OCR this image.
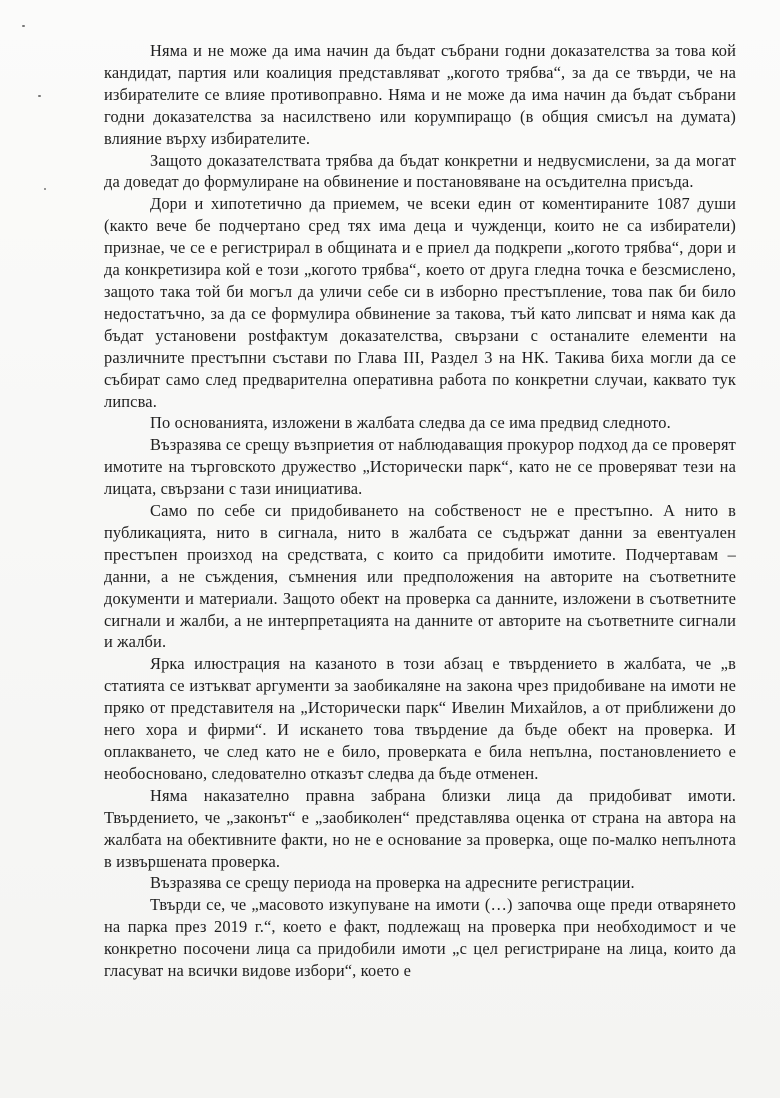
Няма и не може да има начин да бъдат събрани годни доказателства за това кой кандидат, партия или коалиция представляват „когото трябва“, за да се твърди, че на избирателите се влияе противоправно. Няма и не може да има начин да бъдат събрани годни доказателства за насилствено или корумпиращо (в общия смисъл на думата) влияние върху избирателите.

Защото доказателствата трябва да бъдат конкретни и недвусмислени, за да могат да доведат до формулиране на обвинение и постановяване на осъдителна присъда.

Дори и хипотетично да приемем, че всеки един от коментираните 1087 души (както вече бе подчертано сред тях има деца и чужденци, които не са избиратели) признае, че се е регистрирал в общината и е приел да подкрепи „когото трябва“, дори и да конкретизира кой е този „когото трябва“, което от друга гледна точка е безсмислено, защото така той би могъл да уличи себе си в изборно престъпление, това пак би било недостатъчно, за да се формулира обвинение за такова, тъй като липсват и няма как да бъдат установени postфактум доказателства, свързани с останалите елементи на различните престъпни състави по Глава III, Раздел 3 на НК. Такива биха могли да се събират само след предварителна оперативна работа по конкретни случаи, каквато тук липсва.

По основанията, изложени в жалбата следва да се има предвид следното.

Възразява се срещу възприетия от наблюдаващия прокурор подход да се проверят имотите на търговското дружество „Исторически парк“, като не се проверяват тези на лицата, свързани с тази инициатива.

Само по себе си придобиването на собственост не е престъпно. А нито в публикацията, нито в сигнала, нито в жалбата се съдържат данни за евентуален престъпен произход на средствата, с които са придобити имотите. Подчертавам – данни, а не съждения, съмнения или предположения на авторите на съответните документи и материали. Защото обект на проверка са данните, изложени в съответните сигнали и жалби, а не интерпретацията на данните от авторите на съответните сигнали и жалби.

Ярка илюстрация на казаното в този абзац е твърдението в жалбата, че „в статията се изтъкват аргументи за заобикаляне на закона чрез придобиване на имоти не пряко от представителя на „Исторически парк“ Ивелин Михайлов, а от приближени до него хора и фирми“. И искането това твърдение да бъде обект на проверка. И оплакването, че след като не е било, проверката е била непълна, постановлението е необосновано, следователно отказът следва да бъде отменен.

Няма наказателно правна забрана близки лица да придобиват имоти. Твърдението, че „законът“ е „заобиколен“ представлява оценка от страна на автора на жалбата на обективните факти, но не е основание за проверка, още по-малко непълнота в извършената проверка.

Възразява се срещу периода на проверка на адресните регистрации.

Твърди се, че „масовото изкупуване на имоти (…) започва още преди отварянето на парка през 2019 г.“, което е факт, подлежащ на проверка при необходимост и че конкретно посочени лица са придобили имоти „с цел регистриране на лица, които да гласуват на всички видове избори“, което е
